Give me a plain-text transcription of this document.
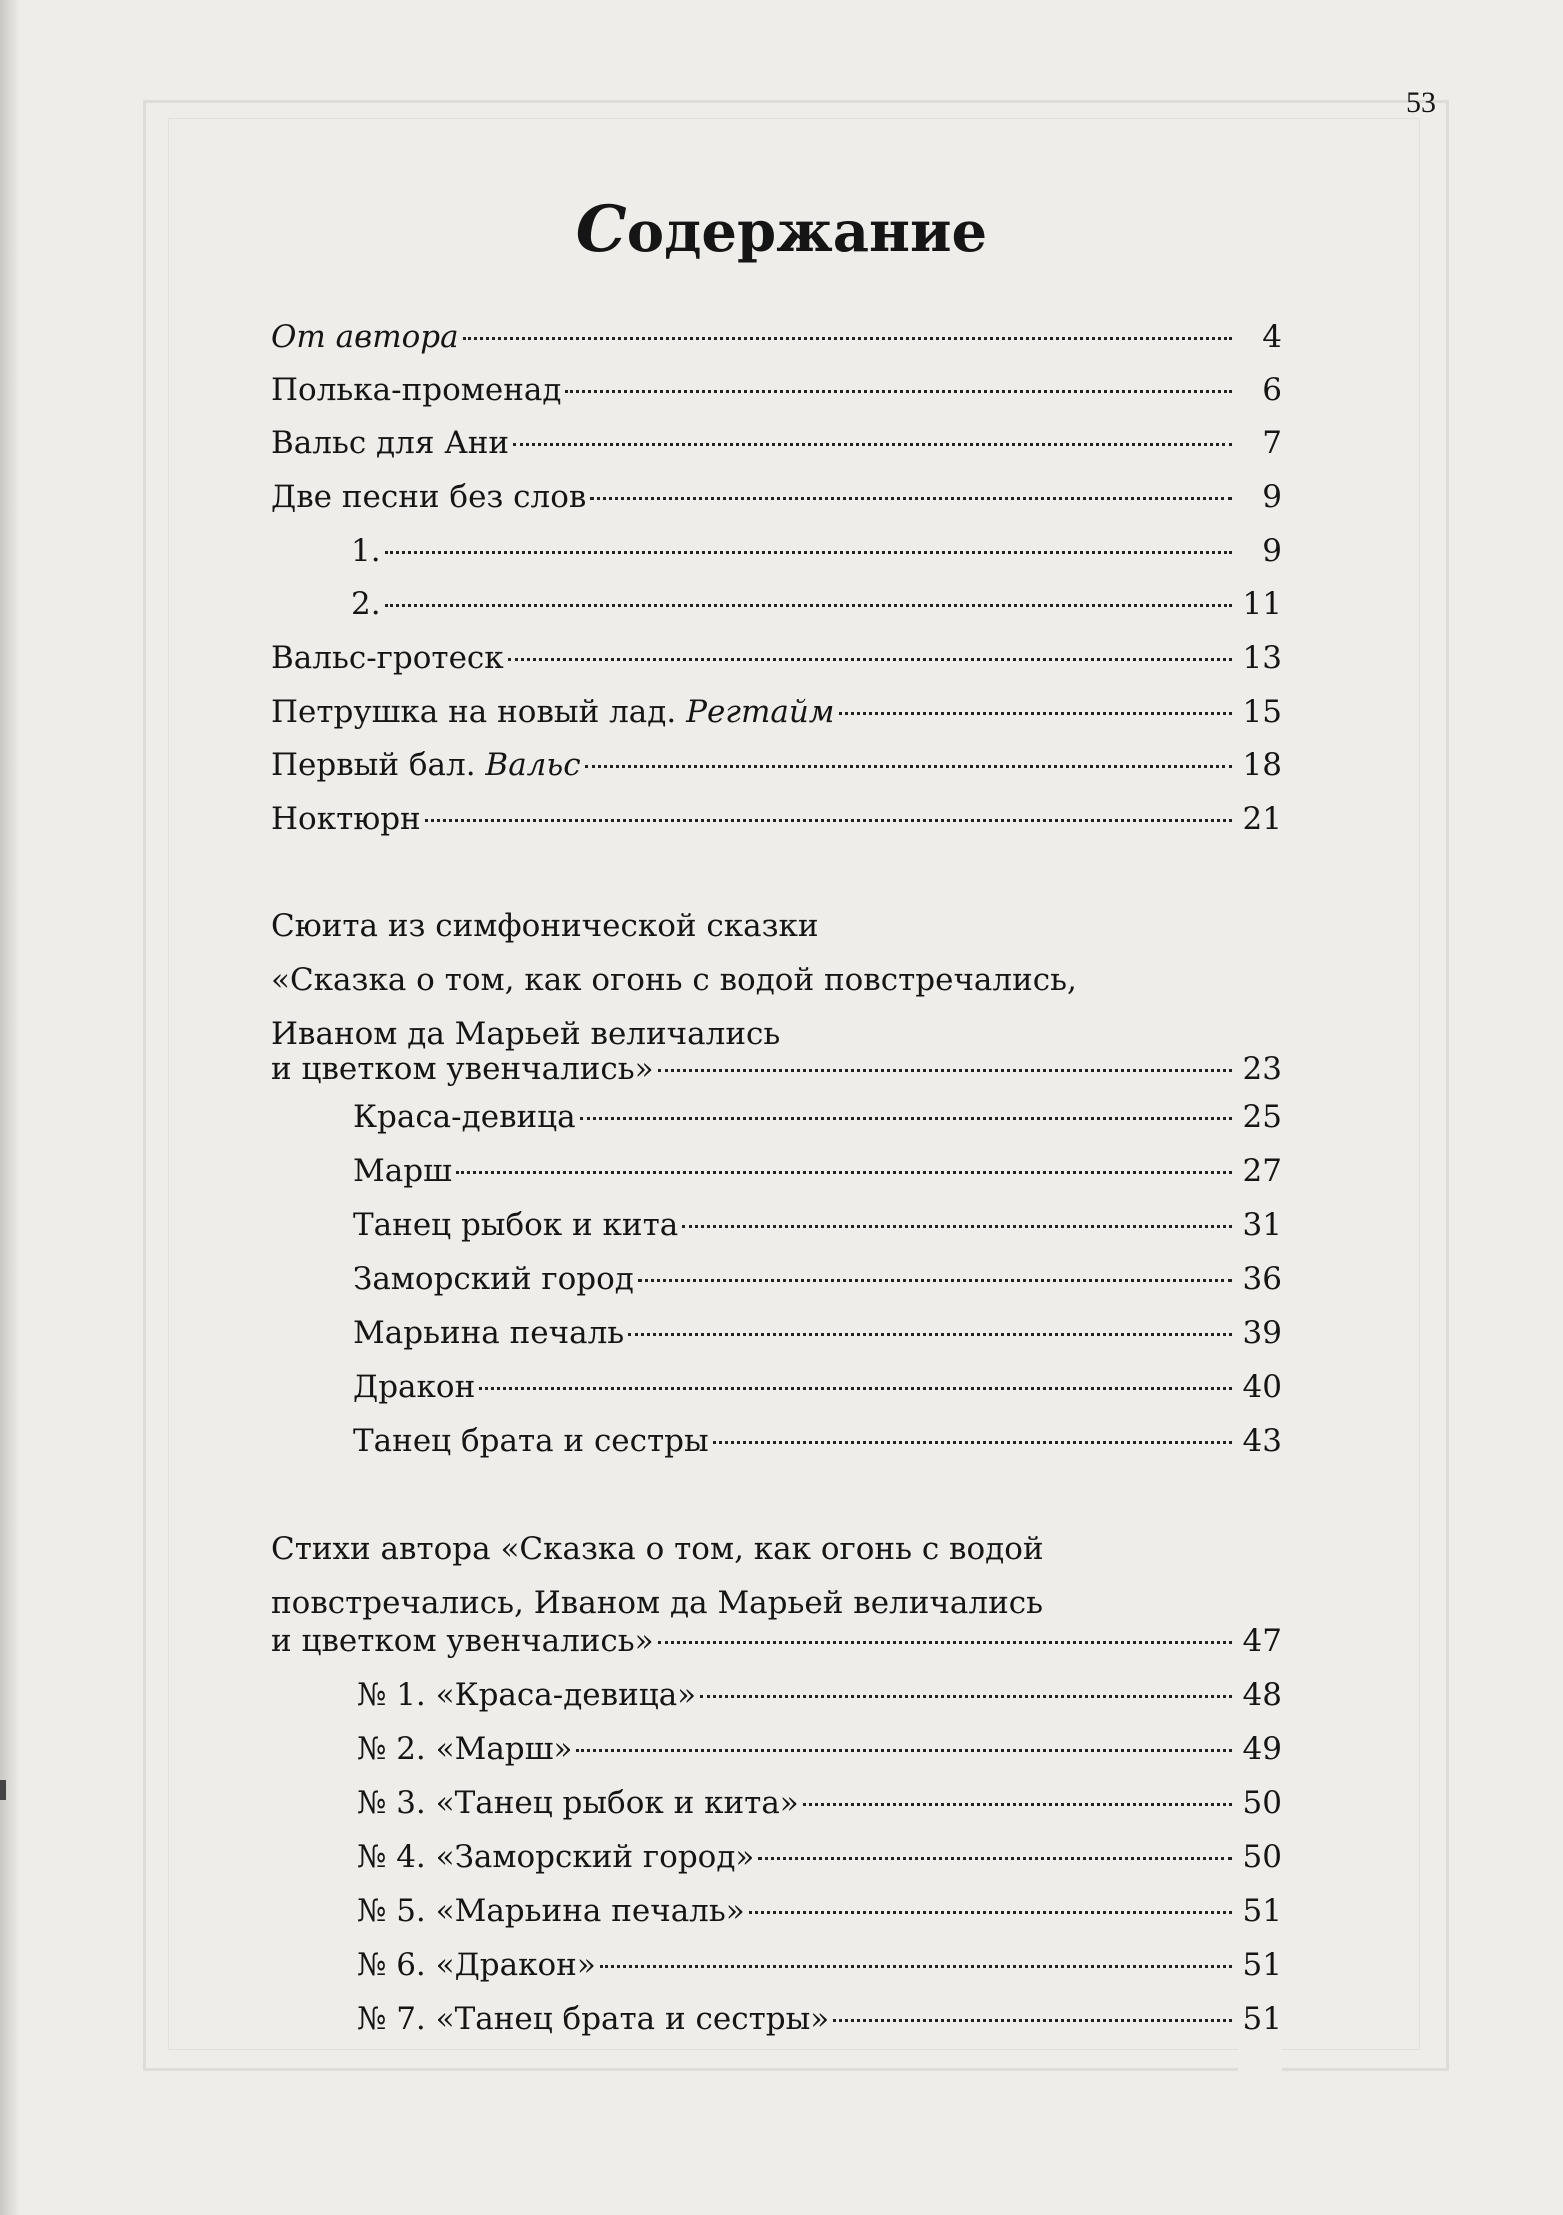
53
Содержание
От автора	4
Полька-променад	6
Вальс для Ани	7
Две песни без слов	9
1.	9
2.	11
Вальс-гротеск	13
Петрушка на новый лад. Регтайм	15
Первый бал. Вальс	18
Ноктюрн	21
Сюита из симфонической сказки
«Сказка о том, как огонь с водой повстречались,
Иваном да Марьей величались
и цветком увенчались»	23
Краса-девица	25
Марш	27
Танец рыбок и кита	31
Заморский город	36
Марьина печаль	39
Дракон	40
Танец брата и сестры	43
Стихи автора «Сказка о том, как огонь с водой
повстречались, Иваном да Марьей величались
и цветком увенчались»	47
№ 1. «Краса-девица»	48
№ 2. «Марш»	49
№ 3. «Танец рыбок и кита»	50
№ 4. «Заморский город»	50
№ 5. «Марьина печаль»	51
№ 6. «Дракон»	51
№ 7. «Танец брата и сестры»	51
